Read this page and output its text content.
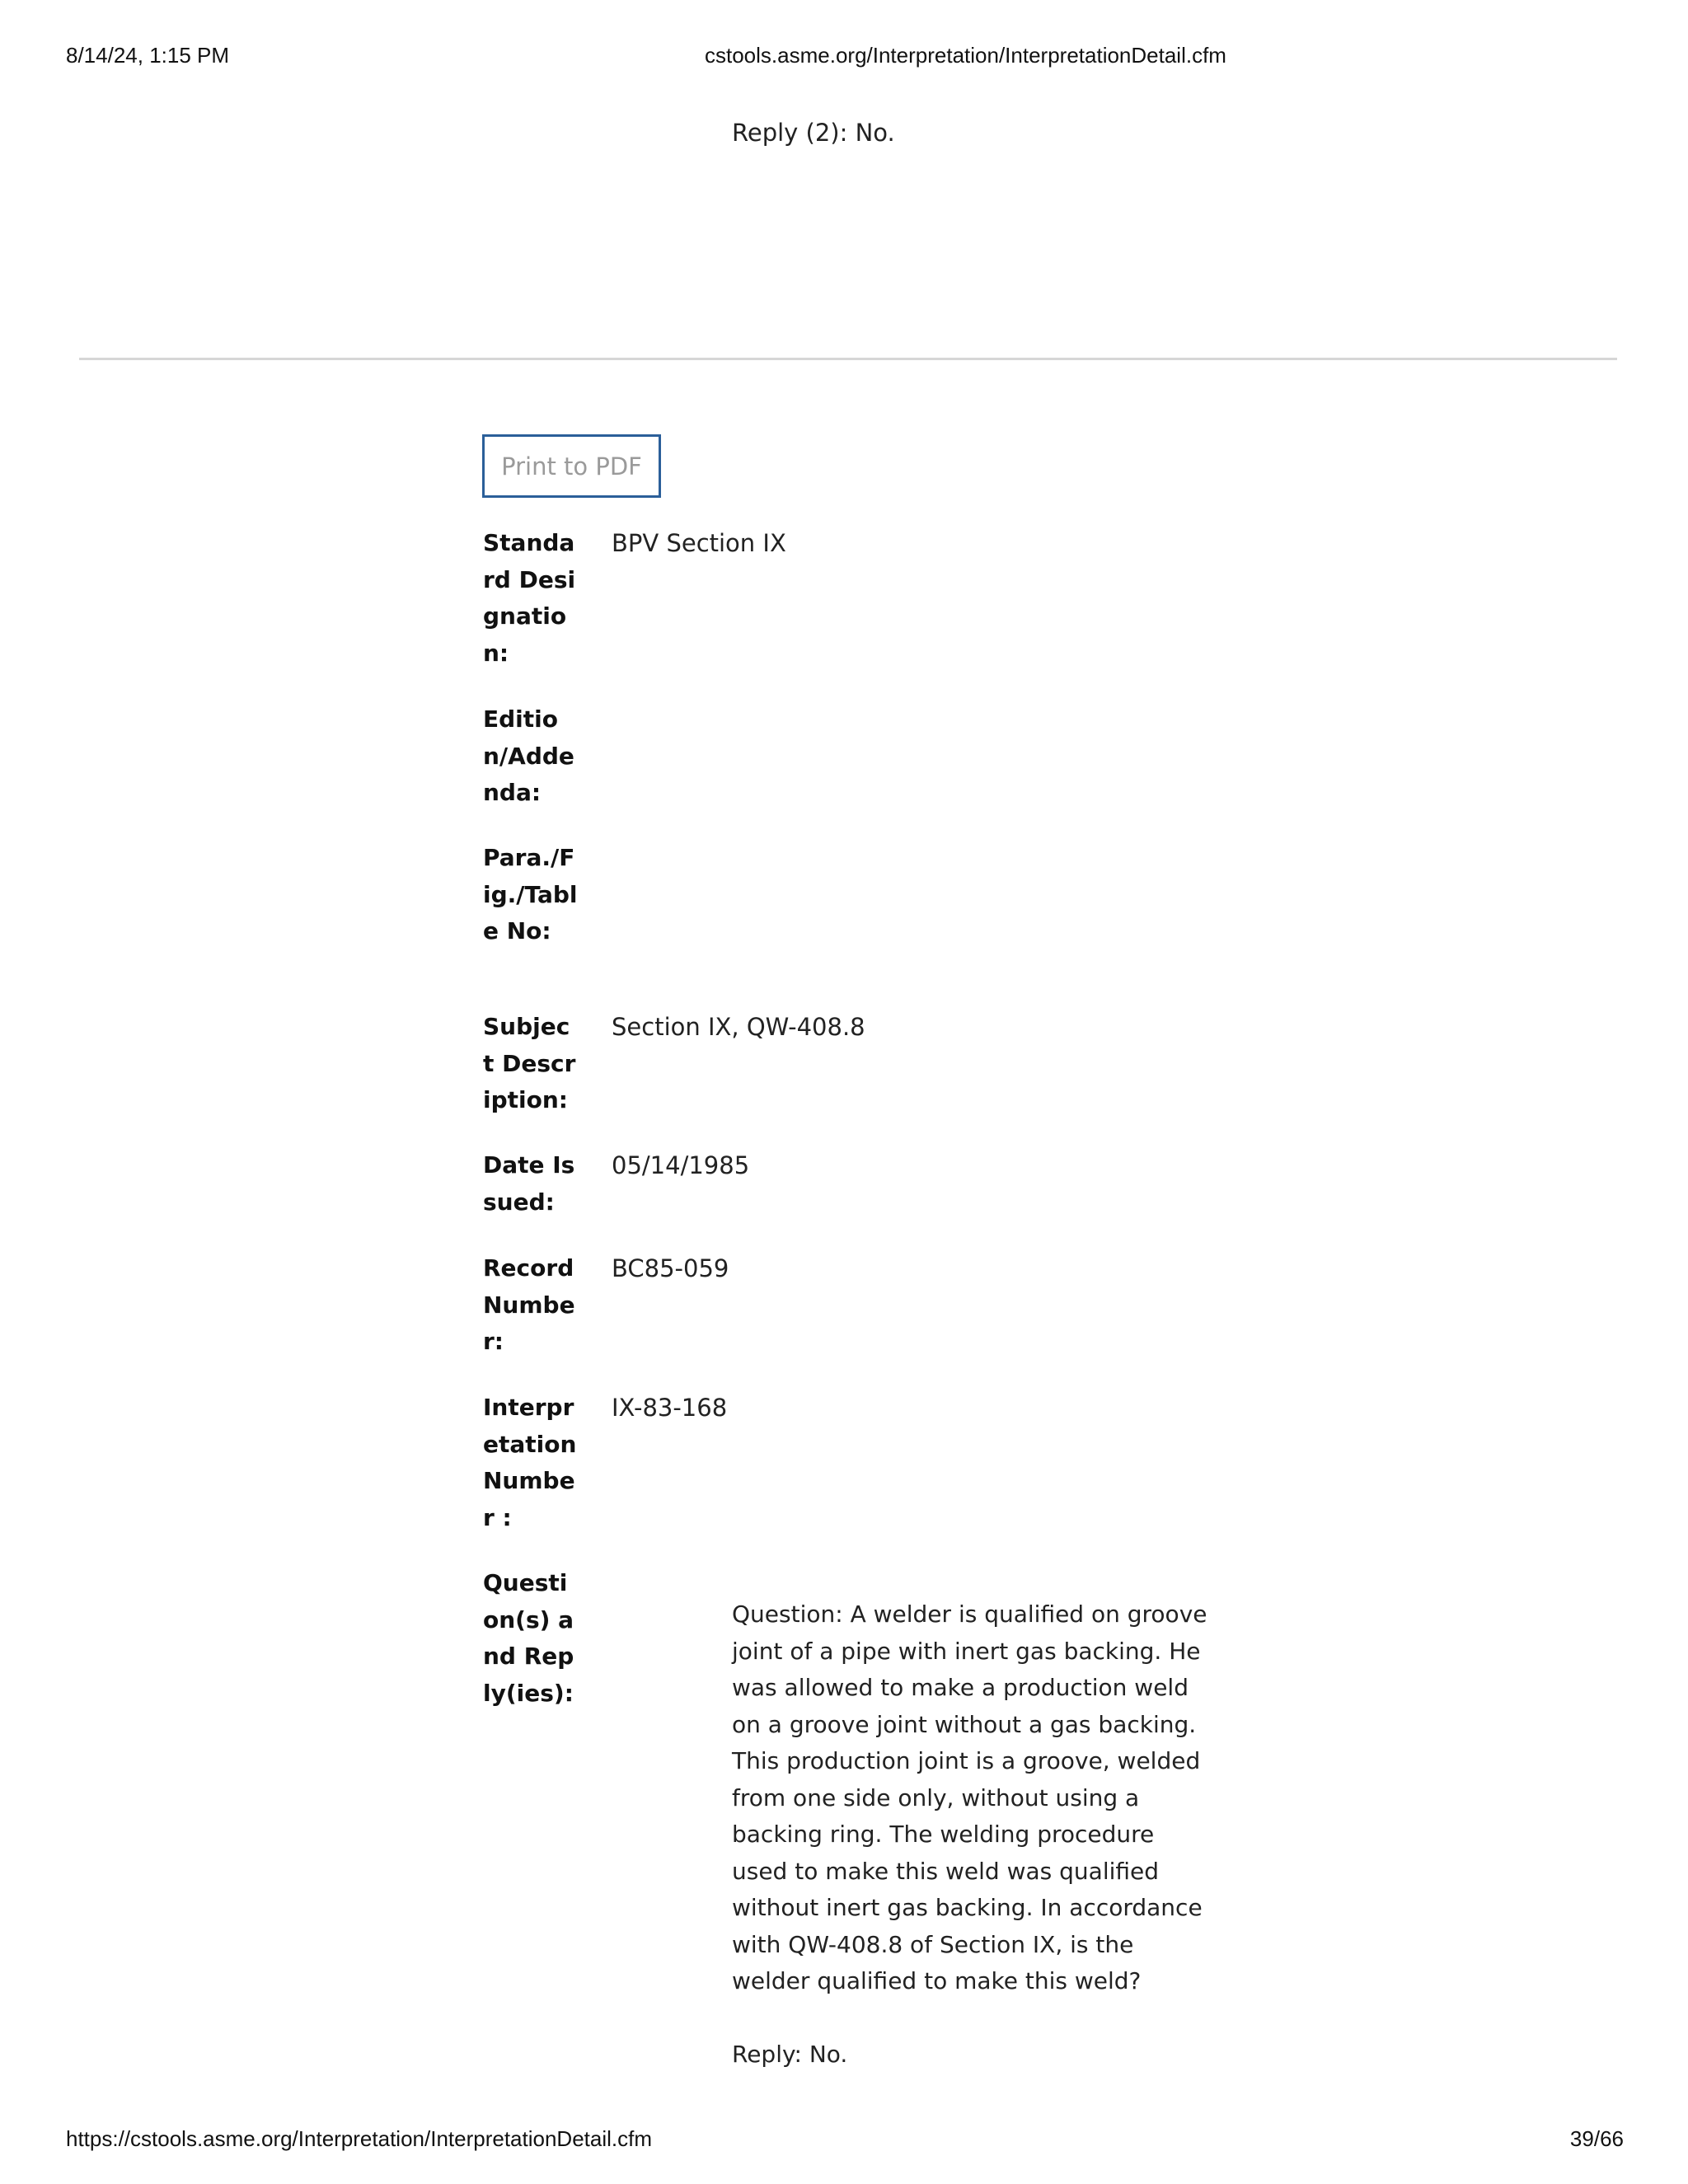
8/14/24, 1:15 PM	cstools.asme.org/Interpretation/InterpretationDetail.cfm
Reply (2): No.
Print to PDF
Standard Designation:
BPV Section IX
Edition/Addenda:
Para./Fig./Table No:
Subject Description:
Section IX, QW-408.8
Date Issued:
05/14/1985
Record Number:
BC85-059
Interpretation Number :
IX-83-168
Question(s) and Reply(ies):

Question: A welder is qualified on groove joint of a pipe with inert gas backing. He was allowed to make a production weld on a groove joint without a gas backing. This production joint is a groove, welded from one side only, without using a backing ring. The welding procedure used to make this weld was qualified without inert gas backing. In accordance with QW-408.8 of Section IX, is the welder qualified to make this weld?

Reply: No.

https://cstools.asme.org/Interpretation/InterpretationDetail.cfm	39/66
